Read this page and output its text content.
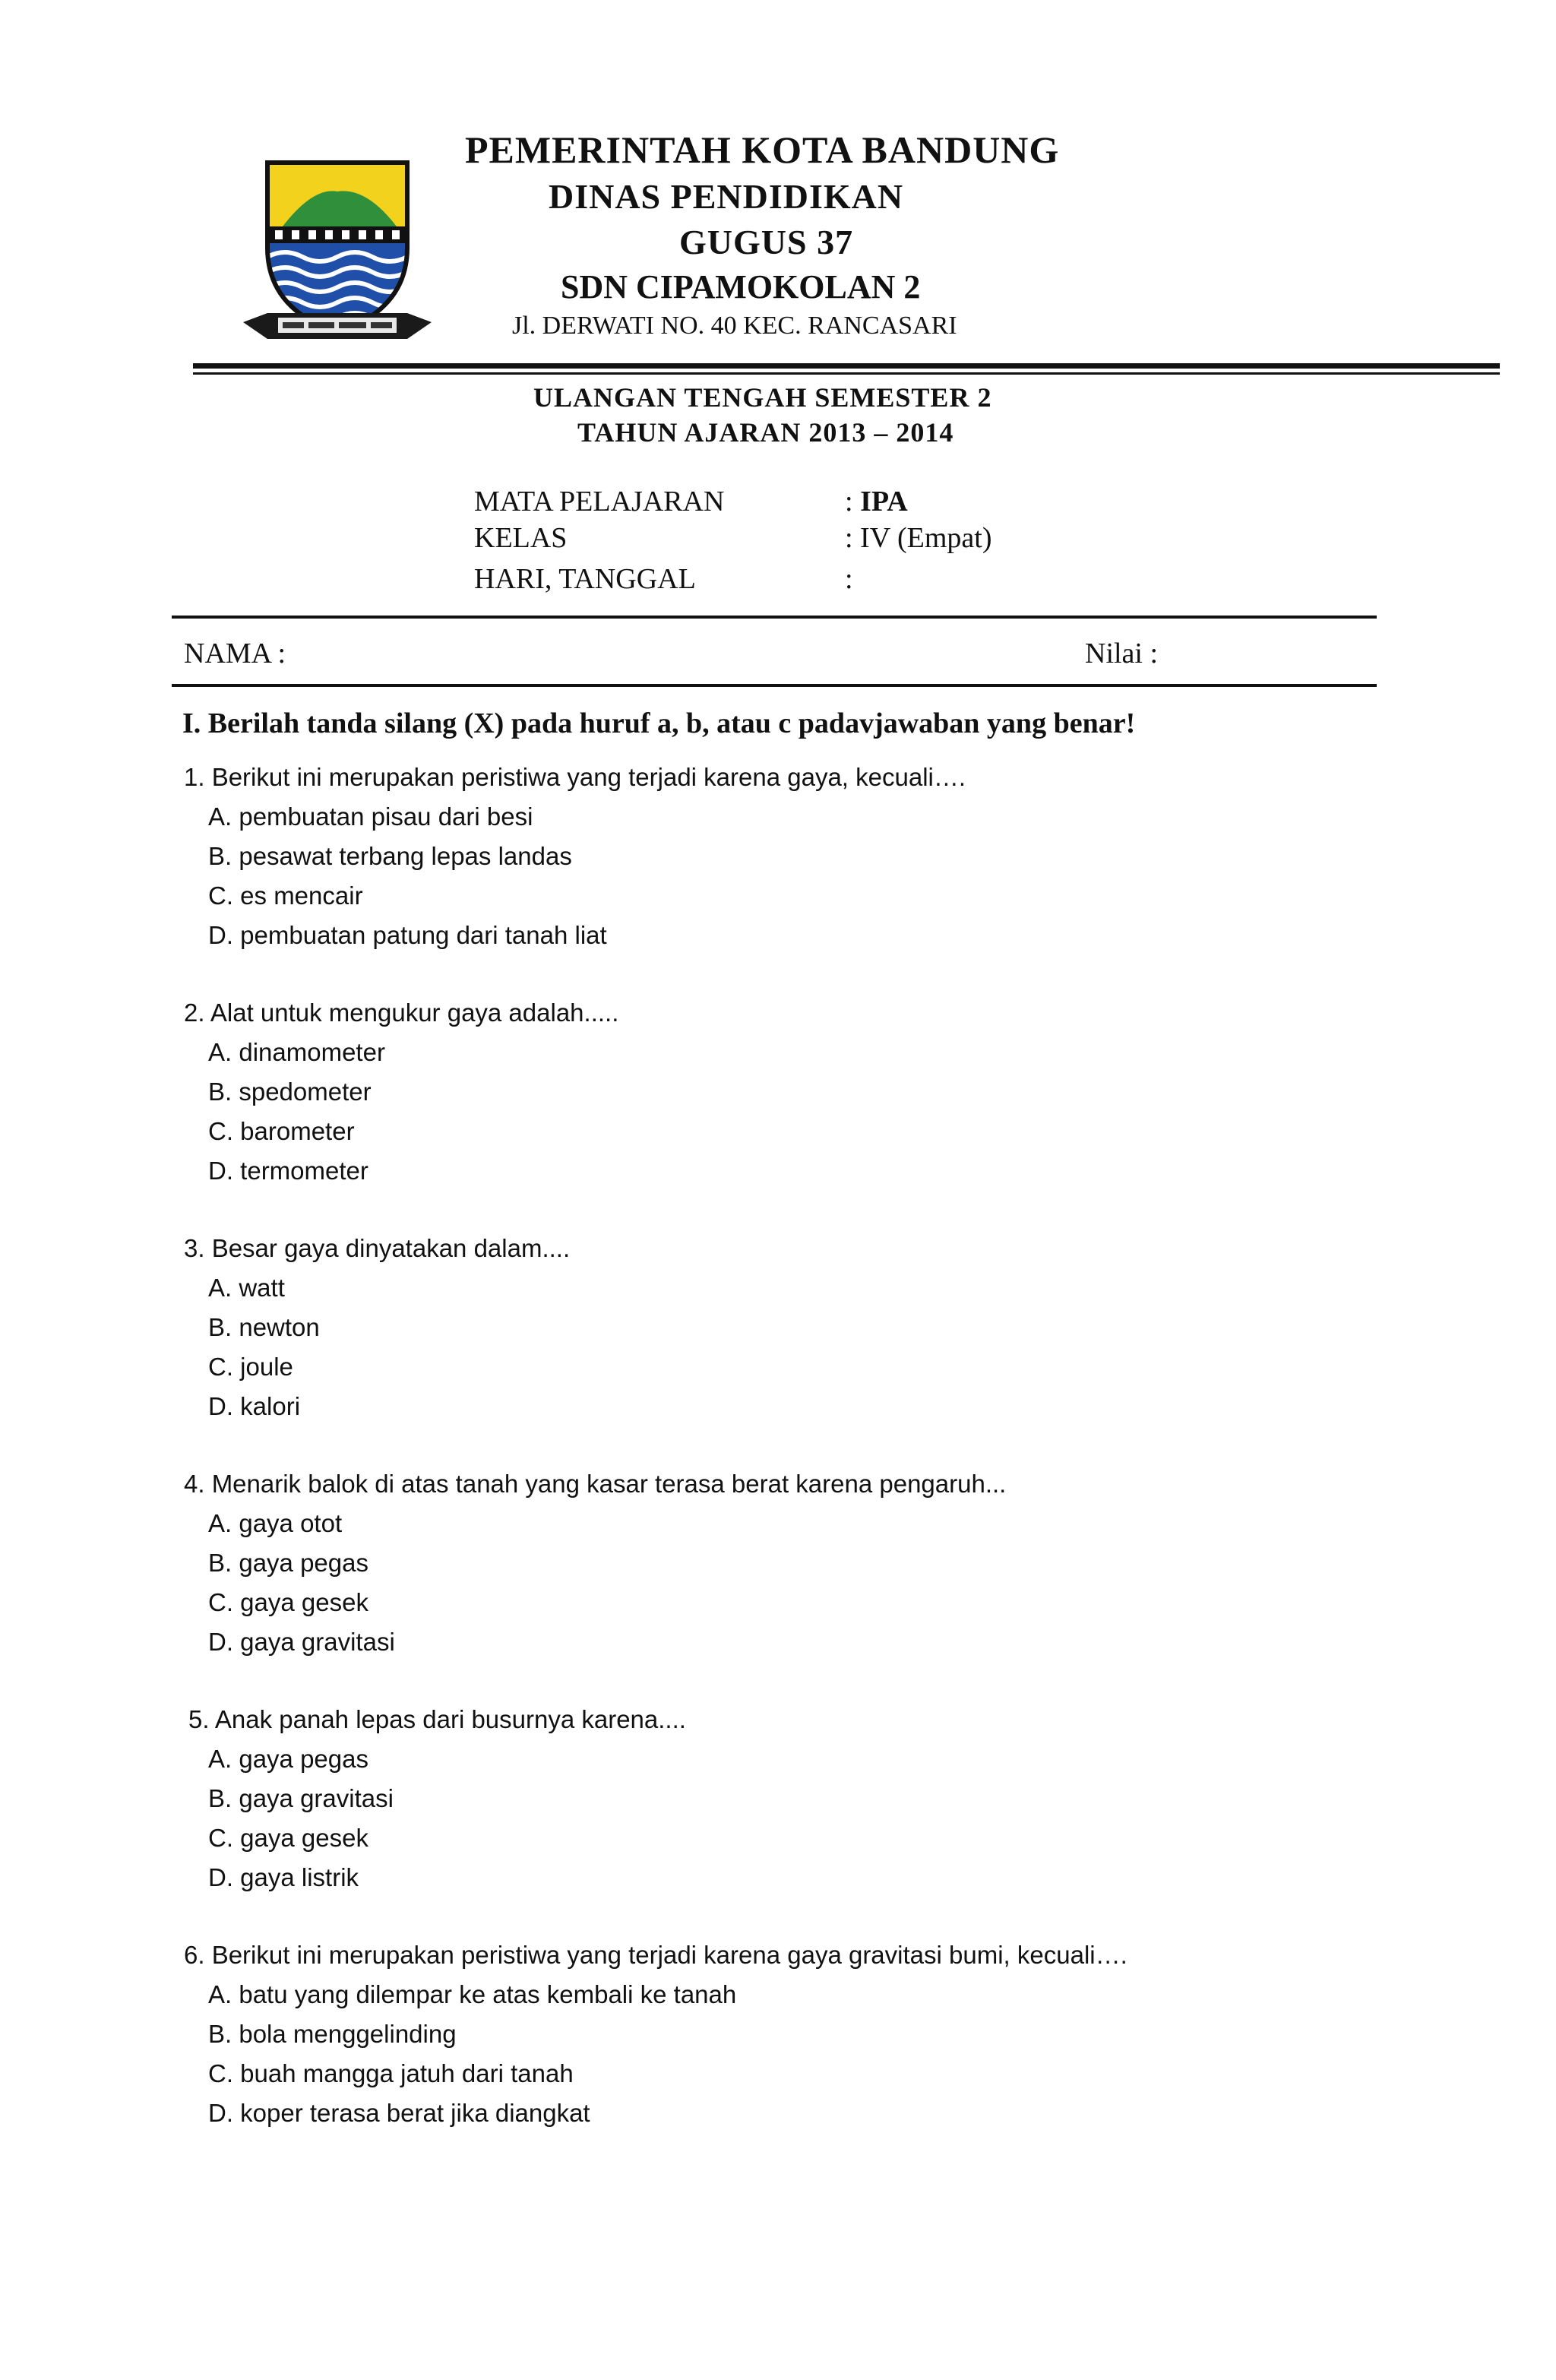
PEMERINTAH KOTA BANDUNG
DINAS PENDIDIKAN
GUGUS 37
SDN CIPAMOKOLAN 2
Jl. DERWATI NO. 40 KEC. RANCASARI
ULANGAN TENGAH SEMESTER 2
TAHUN AJARAN 2013 – 2014
MATA PELAJARAN	: IPA
KELAS	: IV (Empat)
HARI, TANGGAL	:
NAMA :	Nilai :
I. Berilah tanda silang (X) pada huruf a, b, atau c padavjawaban yang benar!
1. Berikut ini merupakan peristiwa yang terjadi karena gaya, kecuali….
A. pembuatan pisau dari besi
B. pesawat terbang lepas landas
C. es mencair
D. pembuatan patung dari tanah liat
2. Alat untuk mengukur gaya adalah.....
A. dinamometer
B. spedometer
C. barometer
D. termometer
3. Besar gaya dinyatakan dalam....
A. watt
B. newton
C. joule
D. kalori
4. Menarik balok di atas tanah yang kasar terasa berat karena pengaruh...
A. gaya otot
B. gaya pegas
C. gaya gesek
D. gaya gravitasi
5. Anak panah lepas dari busurnya karena....
A. gaya pegas
B. gaya gravitasi
C. gaya gesek
D. gaya listrik
6. Berikut ini merupakan peristiwa yang terjadi karena gaya gravitasi bumi, kecuali….
A. batu yang dilempar ke atas kembali ke tanah
B. bola menggelinding
C. buah mangga jatuh dari tanah
D. koper terasa berat jika diangkat
